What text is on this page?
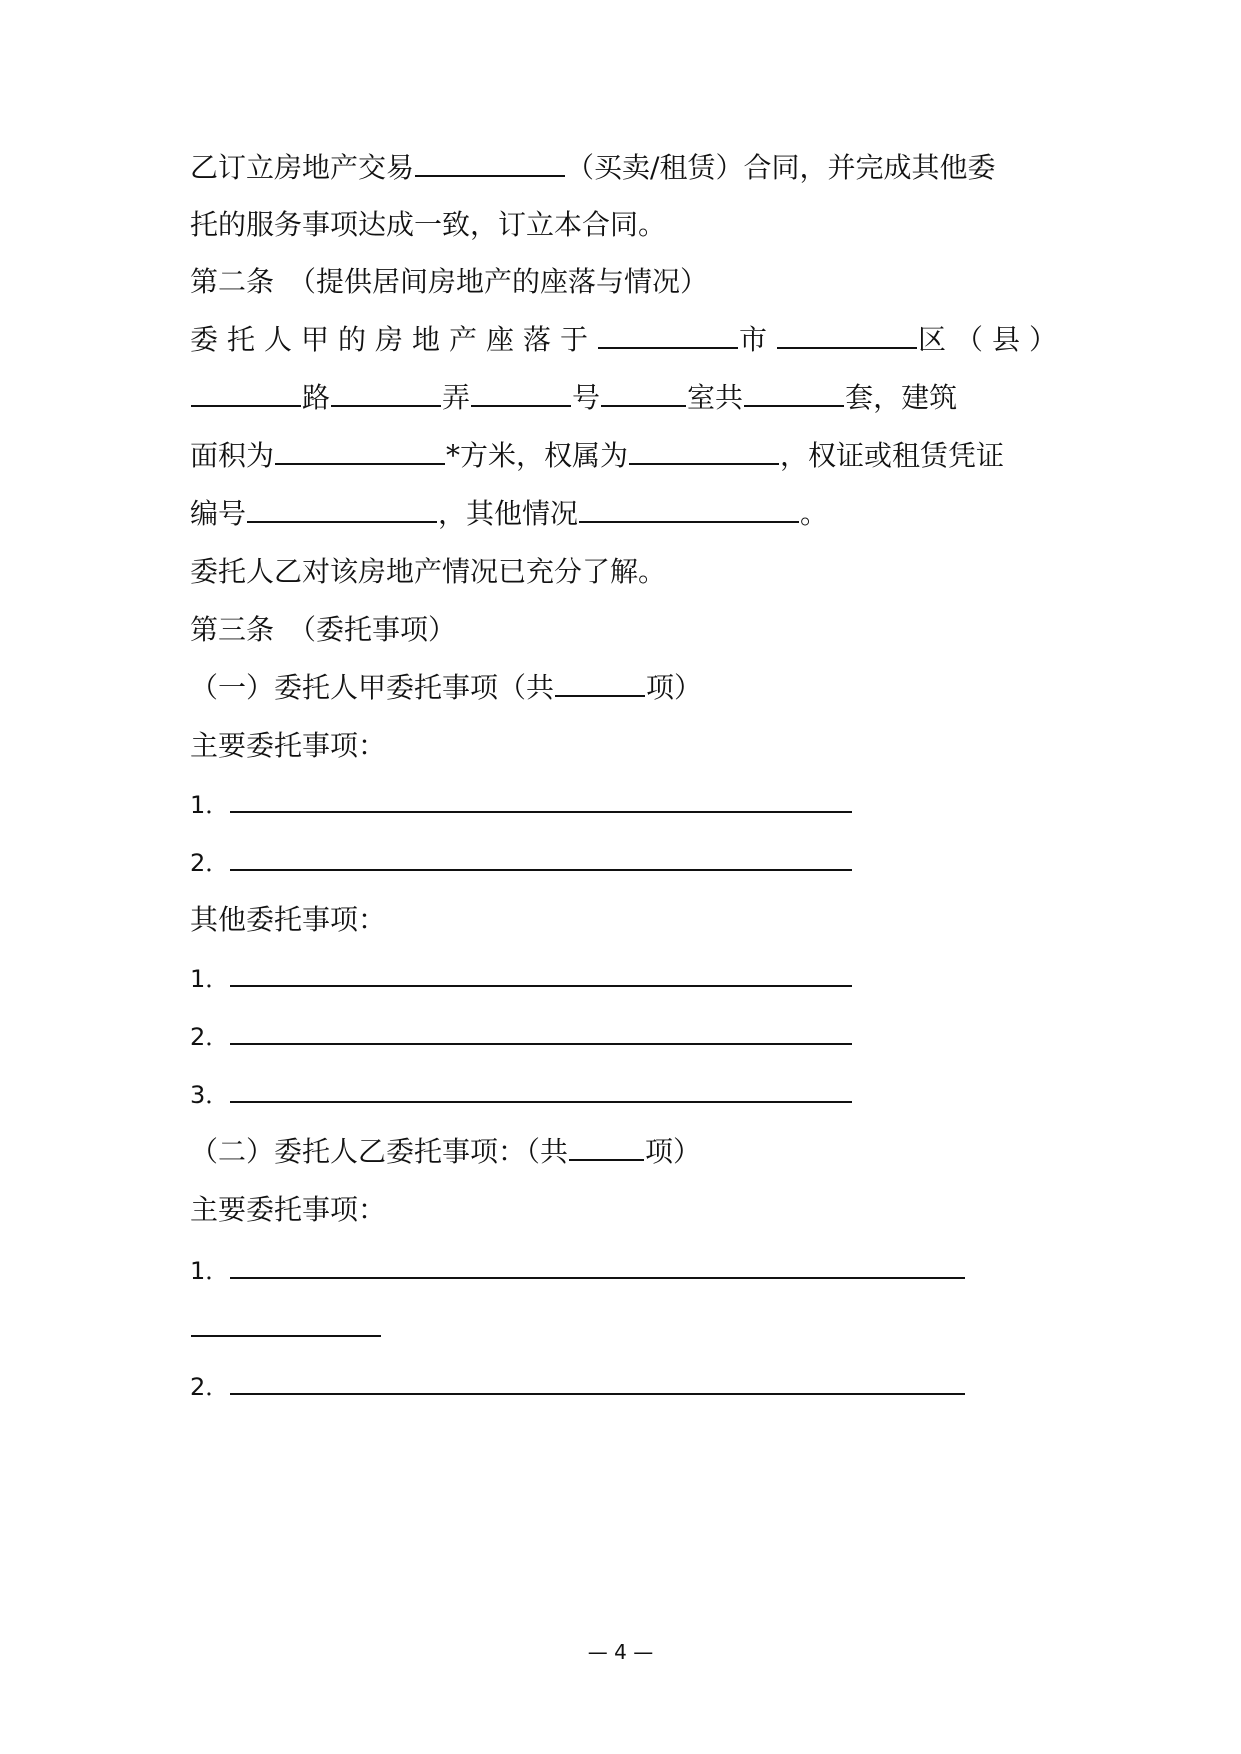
乙订立房地产交易	（买卖/租赁）合同，并完成其他委
托的服务事项达成一致，订立本合同。
第二条　（提供居间房地产的座落与情况）
委托人甲的房地产座落于	市	区（县）
路	弄	号	室共	套，建筑
面积为	*方米，权属为	，权证或租赁凭证
编号	，其他情况	。
委托人乙对该房地产情况已充分了解。
第三条　（委托事项）
（一）委托人甲委托事项（共	项）
主要委托事项：
1．
2．
其他委托事项：
1．
2．
3．
（二）委托人乙委托事项：（共	项）
主要委托事项：
1．
2．
— 4 —
